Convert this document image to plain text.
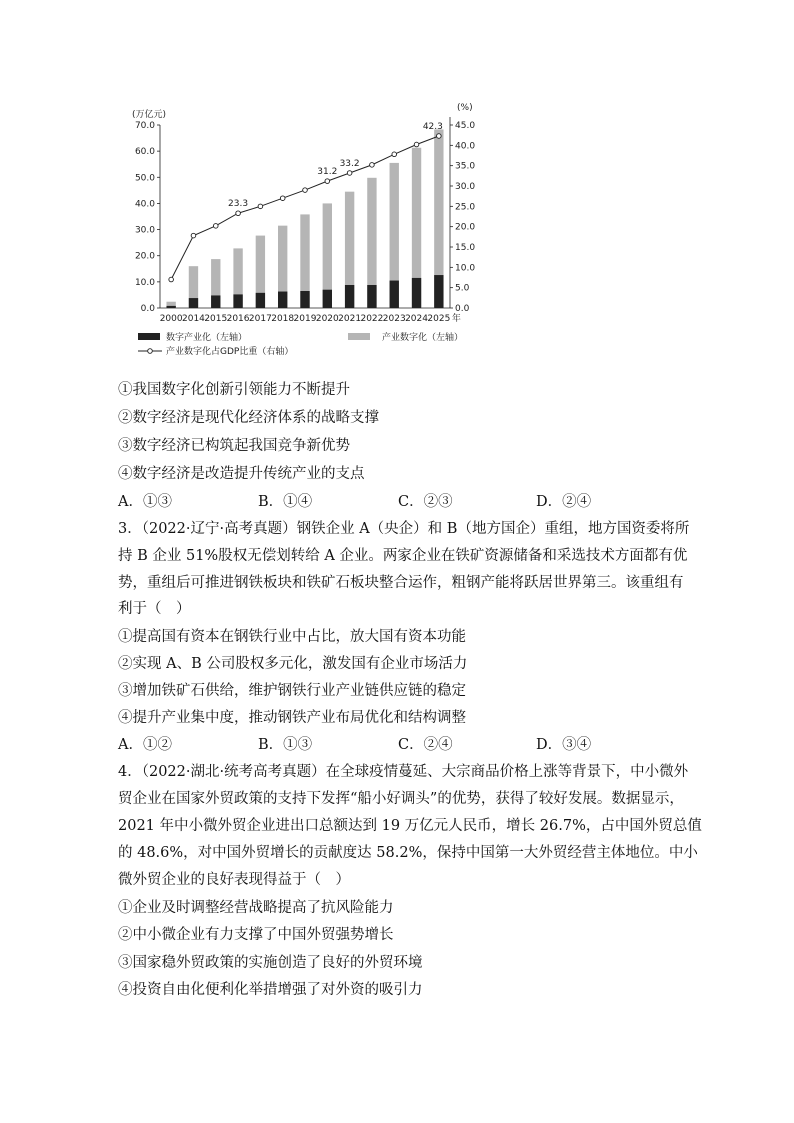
(万亿元)
(%)
0.0
10.0
20.0
30.0
40.0
50.0
60.0
70.0
0.0
5.0
10.0
15.0
20.0
25.0
30.0
35.0
40.0
45.0
2000 2014 2015 2016 2017 2018 2019 2020 2021 2022 2023 2024 2025 年
23.3
31.2
33.2
42.3
数字产业化（左轴）	产业数字化（左轴）
产业数字化占GDP比重（右轴）
①我国数字化创新引领能力不断提升
②数字经济是现代化经济体系的战略支撑
③数字经济已构筑起我国竞争新优势
④数字经济是改造提升传统产业的支点
A．①③	B．①④	C．②③	D．②④
3．（2022·辽宁·高考真题）钢铁企业 A（央企）和 B（地方国企）重组，地方国资委将所
持 B 企业 51%股权无偿划转给 A 企业。两家企业在铁矿资源储备和采选技术方面都有优
势，重组后可推进钢铁板块和铁矿石板块整合运作，粗钢产能将跃居世界第三。该重组有
利于（　）
①提高国有资本在钢铁行业中占比，放大国有资本功能
②实现 A、B 公司股权多元化，激发国有企业市场活力
③增加铁矿石供给，维护钢铁行业产业链供应链的稳定
④提升产业集中度，推动钢铁产业布局优化和结构调整
A．①②	B．①③	C．②④	D．③④
4．（2022·湖北·统考高考真题）在全球疫情蔓延、大宗商品价格上涨等背景下，中小微外
贸企业在国家外贸政策的支持下发挥“船小好调头”的优势，获得了较好发展。数据显示，
2021 年中小微外贸企业进出口总额达到 19 万亿元人民币，增长 26.7%，占中国外贸总值
的 48.6%，对中国外贸增长的贡献度达 58.2%，保持中国第一大外贸经营主体地位。中小
微外贸企业的良好表现得益于（　）
①企业及时调整经营战略提高了抗风险能力
②中小微企业有力支撑了中国外贸强势增长
③国家稳外贸政策的实施创造了良好的外贸环境
④投资自由化便利化举措增强了对外资的吸引力
